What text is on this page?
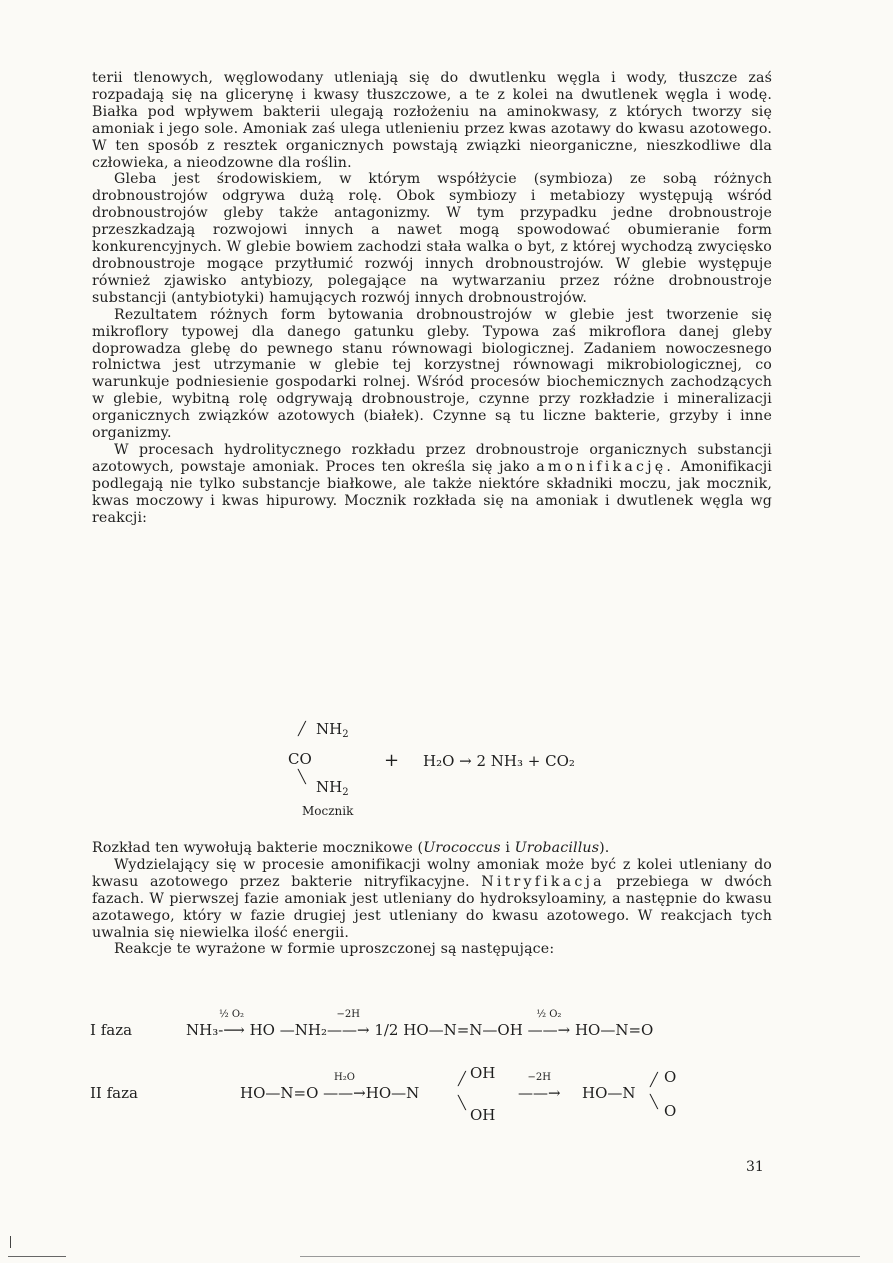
terii tlenowych, węglowodany utleniają się do dwutlenku węgla i wody, tłuszcze zaś rozpadają się na glicerynę i kwasy tłuszczowe, a te z kolei na dwutlenek węgla i wodę. Białka pod wpływem bakterii ulegają rozłożeniu na aminokwasy, z których tworzy się amoniak i jego sole. Amoniak zaś ulega utlenieniu przez kwas azotawy do kwasu azotowego. W ten sposób z resztek organicznych powstają związki nieorganiczne, nieszkodliwe dla człowieka, a nieodzowne dla roślin.

Gleba jest środowiskiem, w którym współżycie (symbioza) ze sobą różnych drobnoustrojów odgrywa dużą rolę. Obok symbiozy i metabiozy występują wśród drobnoustrojów gleby także antagonizmy. W tym przypadku jedne drobnoustroje przeszkadzają rozwojowi innych a nawet mogą spowodować obumieranie form konkurencyjnych. W glebie bowiem zachodzi stała walka o byt, z której wychodzą zwycięsko drobnoustroje mogące przytłumić rozwój innych drobnoustrojów. W glebie występuje również zjawisko antybiozy, polegające na wytwarzaniu przez różne drobnoustroje substancji (antybiotyki) hamujących rozwój innych drobnoustrojów.

Rezultatem różnych form bytowania drobnoustrojów w glebie jest tworzenie się mikroflory typowej dla danego gatunku gleby. Typowa zaś mikroflora danej gleby doprowadza glebę do pewnego stanu równowagi biologicznej. Zadaniem nowoczesnego rolnictwa jest utrzymanie w glebie tej korzystnej równowagi mikrobiologicznej, co warunkuje podniesienie gospodarki rolnej. Wśród procesów biochemicznych zachodzących w glebie, wybitną rolę odgrywają drobnoustroje, czynne przy rozkładzie i mineralizacji organicznych związków azotowych (białek). Czynne są tu liczne bakterie, grzyby i inne organizmy.

W procesach hydrolitycznego rozkładu przez drobnoustroje organicznych substancji azotowych, powstaje amoniak. Proces ten określa się jako amonifikację. Amonifikacji podlegają nie tylko substancje białkowe, ale także niektóre składniki moczu, jak mocznik, kwas moczowy i kwas hipurowy. Mocznik rozkłada się na amoniak i dwutlenek węgla wg reakcji:

╱ $NH_2$
CO
╲
$NH_2$
Mocznik
+ H₂O → 2 NH₃ + CO₂

Rozkład ten wywołują bakterie mocznikowe (Urococcus i Urobacillus).

Wydzielający się w procesie amonifikacji wolny amoniak może być z kolei utleniany do kwasu azotowego przez bakterie nitryfikacyjne. Nitryfikacja przebiega w dwóch fazach. W pierwszej fazie amoniak jest utleniany do hydroksyloaminy, a następnie do kwasu azotawego, który w fazie drugiej jest utleniany do kwasu azotowego. W reakcjach tych uwalnia się niewielka ilość energii.

Reakcje te wyrażone w formie uproszczonej są następujące:

I faza	NH₃
½ O₂
-⟶ HO —NH₂
−2H
——→ 1/2 HO—N=N—OH
½ O₂
——→ HO—N=O
II faza	HO—N=O
H₂O
——→HO—N
╱ OH
╲
OH
−2H
——→ HO—N
╱ O
╲ O
31
